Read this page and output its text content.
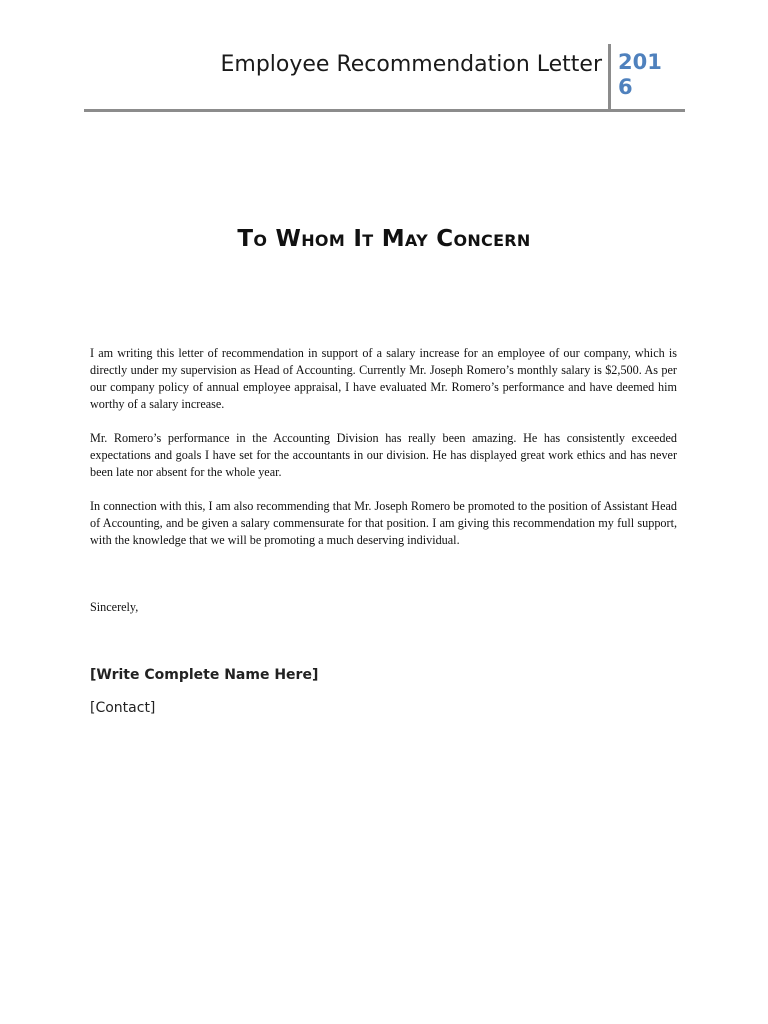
Employee Recommendation Letter 2016
To Whom It May Concern

I am writing this letter of recommendation in support of a salary increase for an employee of our company, which is directly under my supervision as Head of Accounting. Currently Mr. Joseph Romero’s monthly salary is $2,500. As per our company policy of annual employee appraisal, I have evaluated Mr. Romero’s performance and have deemed him worthy of a salary increase.

Mr. Romero’s performance in the Accounting Division has really been amazing. He has consistently exceeded expectations and goals I have set for the accountants in our division. He has displayed great work ethics and has never been late nor absent for the whole year.

In connection with this, I am also recommending that Mr. Joseph Romero be promoted to the position of Assistant Head of Accounting, and be given a salary commensurate for that position. I am giving this recommendation my full support, with the knowledge that we will be promoting a much deserving individual.

Sincerely,
[Write Complete Name Here]
[Contact]
